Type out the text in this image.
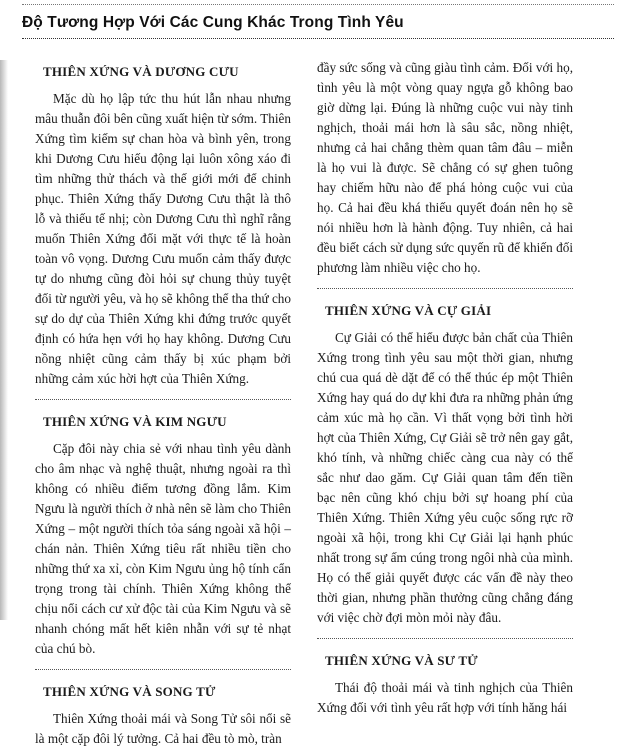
Độ Tương Hợp Với Các Cung Khác Trong Tình Yêu
THIÊN XỨNG VÀ DƯƠNG CƯU

Mặc dù họ lập tức thu hút lẫn nhau nhưng mâu thuẫn đôi bên cũng xuất hiện từ sớm. Thiên Xứng tìm kiếm sự chan hòa và bình yên, trong khi Dương Cưu hiếu động lại luôn xông xáo đi tìm những thử thách và thế giới mới để chinh phục. Thiên Xứng thấy Dương Cưu thật là thô lỗ và thiếu tế nhị; còn Dương Cưu thì nghĩ rằng muốn Thiên Xứng đối mặt với thực tế là hoàn toàn vô vọng. Dương Cưu muốn cảm thấy được tự do nhưng cũng đòi hỏi sự chung thủy tuyệt đối từ người yêu, và họ sẽ không thể tha thứ cho sự do dự của Thiên Xứng khi đứng trước quyết định có hứa hẹn với họ hay không. Dương Cưu nồng nhiệt cũng cảm thấy bị xúc phạm bởi những cảm xúc hời hợt của Thiên Xứng.

THIÊN XỨNG VÀ KIM NGƯU

Cặp đôi này chia sẻ với nhau tình yêu dành cho âm nhạc và nghệ thuật, nhưng ngoài ra thì không có nhiều điểm tương đồng lắm. Kim Ngưu là người thích ở nhà nên sẽ làm cho Thiên Xứng – một người thích tỏa sáng ngoài xã hội – chán nản. Thiên Xứng tiêu rất nhiều tiền cho những thứ xa xỉ, còn Kim Ngưu ủng hộ tính cẩn trọng trong tài chính. Thiên Xứng không thể chịu nổi cách cư xử độc tài của Kim Ngưu và sẽ nhanh chóng mất hết kiên nhẫn với sự tẻ nhạt của chú bò.

THIÊN XỨNG VÀ SONG TỬ

Thiên Xứng thoải mái và Song Tử sôi nổi sẽ là một cặp đôi lý tưởng. Cả hai đều tò mò, tràn

đầy sức sống và cũng giàu tình cảm. Đối với họ, tình yêu là một vòng quay ngựa gỗ không bao giờ dừng lại. Đúng là những cuộc vui này tinh nghịch, thoải mái hơn là sâu sắc, nồng nhiệt, nhưng cả hai chẳng thèm quan tâm đâu – miễn là họ vui là được. Sẽ chẳng có sự ghen tuông hay chiếm hữu nào để phá hỏng cuộc vui của họ. Cả hai đều khá thiếu quyết đoán nên họ sẽ nói nhiều hơn là hành động. Tuy nhiên, cả hai đều biết cách sử dụng sức quyến rũ để khiến đối phương làm nhiều việc cho họ.

THIÊN XỨNG VÀ CỰ GIẢI

Cự Giải có thể hiểu được bản chất của Thiên Xứng trong tình yêu sau một thời gian, nhưng chú cua quá dè dặt để có thể thúc ép một Thiên Xứng hay quá do dự khi đưa ra những phản ứng cảm xúc mà họ cần. Vì thất vọng bởi tình hời hợt của Thiên Xứng, Cự Giải sẽ trở nên gay gắt, khó tính, và những chiếc càng cua này có thể sắc như dao găm. Cự Giải quan tâm đến tiền bạc nên cũng khó chịu bởi sự hoang phí của Thiên Xứng. Thiên Xứng yêu cuộc sống rực rỡ ngoài xã hội, trong khi Cự Giải lại hạnh phúc nhất trong sự ấm cúng trong ngôi nhà của mình. Họ có thể giải quyết được các vấn đề này theo thời gian, nhưng phần thưởng cũng chẳng đáng với việc chờ đợi mòn mỏi này đâu.

THIÊN XỨNG VÀ SƯ TỬ

Thái độ thoải mái và tinh nghịch của Thiên Xứng đối với tình yêu rất hợp với tính hăng hái
